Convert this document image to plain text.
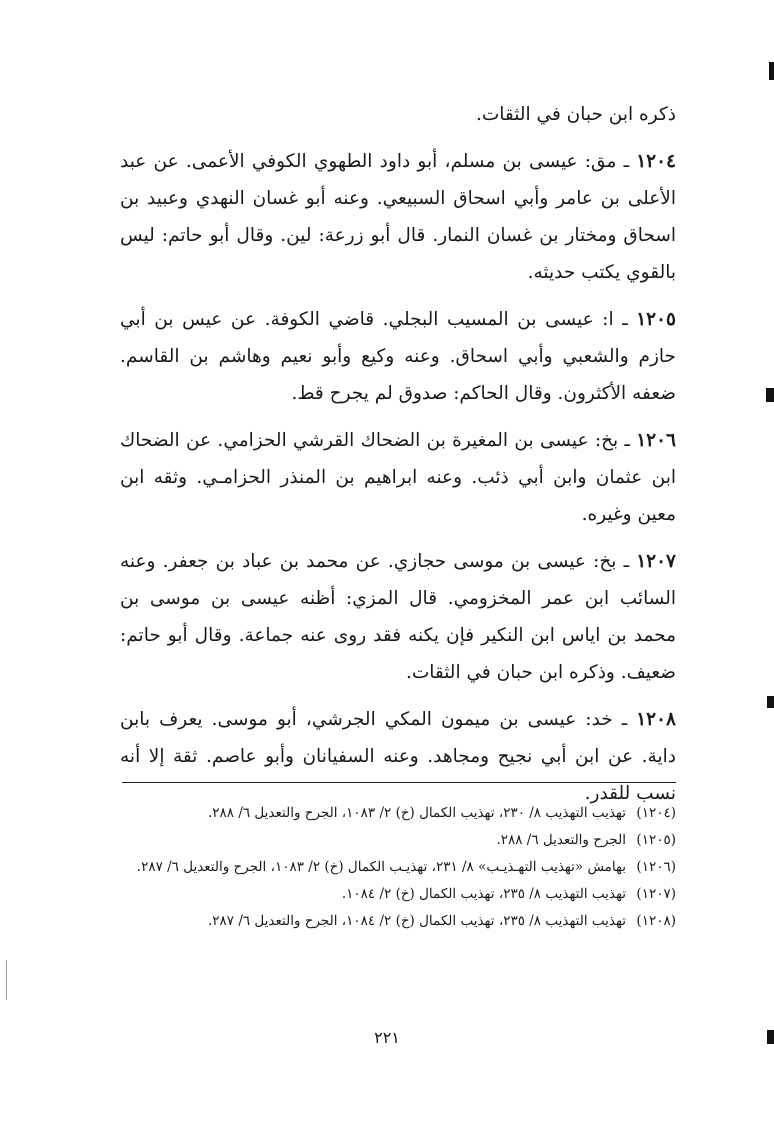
ذكره ابن حبان في الثقات.

١٢٠٤ ـ مق: عيسى بن مسلم، أبو داود الطهوي الكوفي الأعمى. عن عبد الأعلى بن عامر وأبي اسحاق السبيعي. وعنه أبو غسان النهدي وعبيد بن اسحاق ومختار بن غسان النمار. قال أبو زرعة: لين. وقال أبو حاتم: ليس بالقوي يكتب حديثه.

١٢٠٥ ـ ا: عيسى بن المسيب البجلي. قاضي الكوفة. عن عيس بن أبي حازم والشعبي وأبي اسحاق. وعنه وكيع وأبو نعيم وهاشم بن القاسم. ضعفه الأكثرون. وقال الحاكم: صدوق لم يجرح قط.

١٢٠٦ ـ بخ: عيسى بن المغيرة بن الضحاك القرشي الحزامي. عن الضحاك ابن عثمان وابن أبي ذئب. وعنه ابراهيم بن المنذر الحزامـي. وثقه ابن معين وغيره.

١٢٠٧ ـ بخ: عيسى بن موسى حجازي. عن محمد بن عباد بن جعفر. وعنه السائب ابن عمر المخزومي. قال المزي: أظنه عيسى بن موسى بن محمد بن اياس ابن النكير فإن يكنه فقد روى عنه جماعة. وقال أبو حاتم: ضعيف. وذكره ابن حبان في الثقات.

١٢٠٨ ـ خد: عيسى بن ميمون المكي الجرشي، أبو موسى. يعرف بابن داية. عن ابن أبي نجيح ومجاهد. وعنه السفيانان وأبو عاصم. ثقة إلا أنه نسب للقدر.

(١٢٠٤)
تهذيب التهذيب ٨/ ٢٣٠، تهذيب الكمال (خ) ٢/ ١٠٨٣، الجرح والتعديل ٦/ ٢٨٨.
(١٢٠٥)
الجرح والتعديل ٦/ ٢٨٨.
(١٢٠٦)
بهامش «تهذيب التهـذيـب» ٨/ ٢٣١، تهذيـب الكمال (خ) ٢/ ١٠٨٣، الجرح والتعديل ٦/ ٢٨٧.
(١٢٠٧)
تهذيب التهذيب ٨/ ٢٣٥، تهذيب الكمال (خ) ٢/ ١٠٨٤.
(١٢٠٨)
تهذيب التهذيب ٨/ ٢٣٥، تهذيب الكمال (خ) ٢/ ١٠٨٤، الجرح والتعديل ٦/ ٢٨٧.
٢٢١
